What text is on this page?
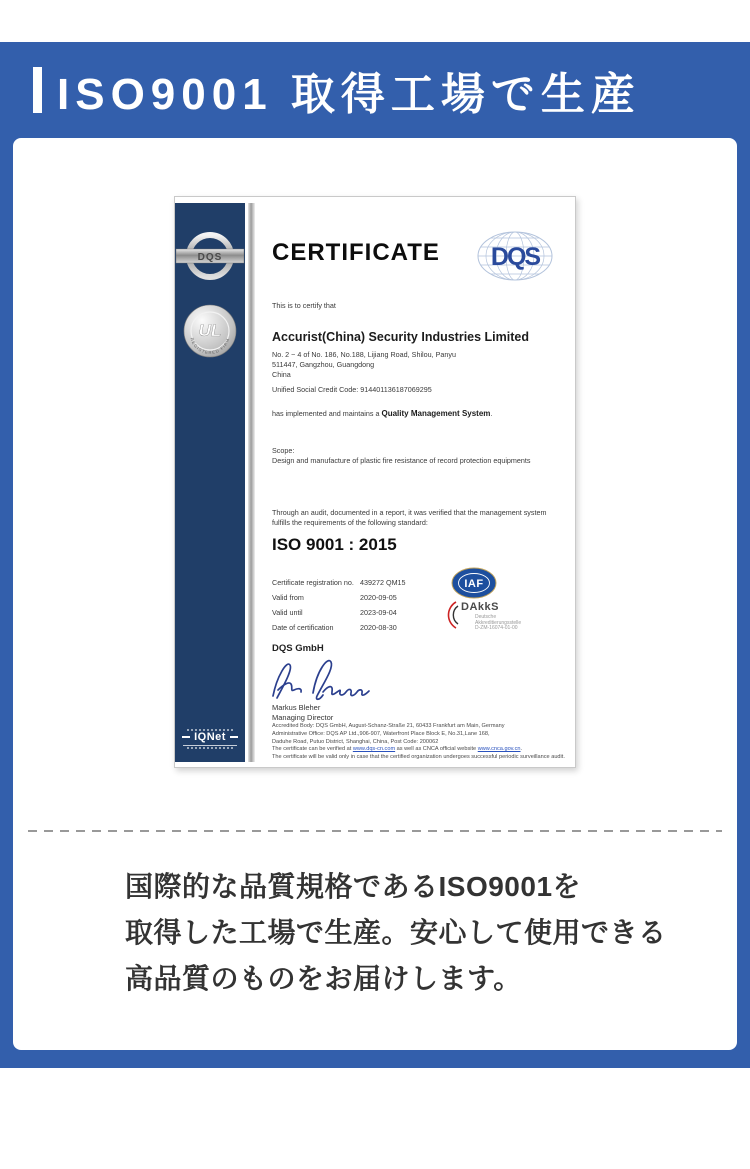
ISO9001 取得工場で生産
DQS
UL
REGISTERED FIRM
IQNet
DQS
CERTIFICATE
This is to certify that
Accurist(China) Security Industries Limited
No. 2 ~ 4 of No. 186, No.188, Lijiang Road, Shilou, Panyu
511447, Gangzhou, Guangdong
China
Unified Social Credit Code: 914401136187069295
has implemented and maintains a Quality Management System.
Scope:
Design and manufacture of plastic fire resistance of record protection equipments
Through an audit, documented in a report, it was verified that the management system
fulfills the requirements of the following standard:
ISO 9001 : 2015
Certificate registration no. 439272 QM15
Valid from	2020-09-05
Valid until	2023-09-04
Date of certification	2020-08-30
IAF
DAkkS
Deutsche
Akkreditierungsstelle
D-ZM-16074-01-00
DQS GmbH
Markus Bleher
Managing Director
Accredited Body: DQS GmbH, August-Schanz-Straße 21, 60433 Frankfurt am Main, Germany
Administrative Office: DQS AP Ltd.,906-907, Waterfront Place Block E, No.31,Lane 168,
Daduhe Road, Putuo District, Shanghai, China, Post Code: 200062
The certificate can be verified at www.dqs-cn.com as well as CNCA official website www.cnca.gov.cn.
The certificate will be valid only in case that the certified organization undergoes successful periodic surveillance audit.
国際的な品質規格であるISO9001を
取得した工場で生産。安心して使用できる
高品質のものをお届けします。
